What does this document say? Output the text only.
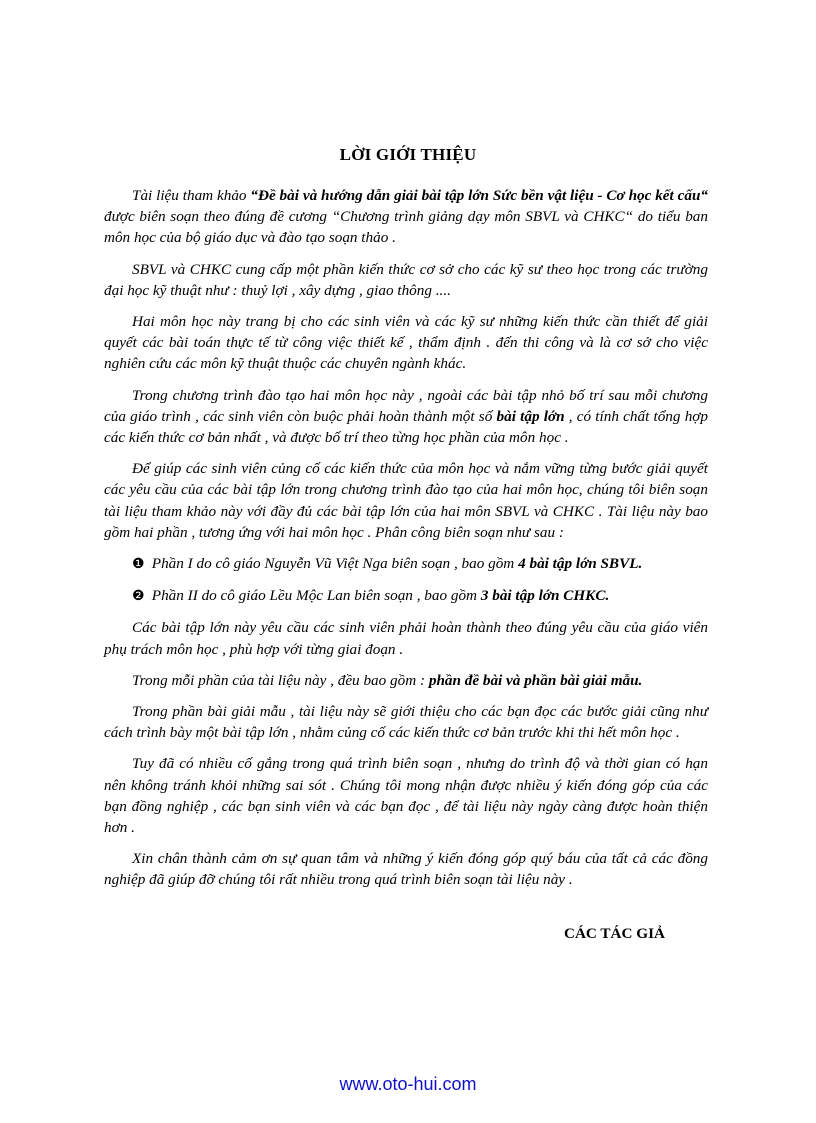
LỜI GIỚI THIỆU

Tài liệu tham khảo “Đề bài và hướng dẫn giải bài tập lớn Sức bền vật liệu - Cơ học kết cấu“ được biên soạn theo đúng đề cương “Chương trình giảng dạy môn SBVL và CHKC“ do tiểu ban môn học của bộ giáo dục và đào tạo soạn thảo .

SBVL và CHKC cung cấp một phần kiến thức cơ sở cho các kỹ sư theo học trong các trường đại học kỹ thuật như : thuỷ lợi , xây dựng , giao thông ....

Hai môn học này trang bị cho các sinh viên và các kỹ sư những kiến thức cần thiết để giải quyết các bài toán thực tế từ công việc thiết kế , thẩm định . đến thi công và là cơ sở cho việc nghiên cứu các môn kỹ thuật thuộc các chuyên ngành khác.

Trong chương trình đào tạo hai môn học này , ngoài các bài tập nhỏ bố trí sau mỗi chương của giáo trình , các sinh viên còn buộc phải hoàn thành một số bài tập lớn , có tính chất tổng hợp các kiến thức cơ bản nhất , và được bố trí theo từng học phần của môn học .

Để giúp các sinh viên củng cố các kiến thức của môn học và nắm vững từng bước giải quyết các yêu cầu của các bài tập lớn trong chương trình đào tạo của hai môn học, chúng tôi biên soạn tài liệu tham khảo này với đầy đủ các bài tập lớn của hai môn SBVL và CHKC . Tài liệu này bao gồm hai phần , tương ứng với hai môn học . Phân công biên soạn như sau :

❶ Phần I do cô giáo Nguyễn Vũ Việt Nga biên soạn , bao gồm 4 bài tập lớn SBVL.

❷ Phần II do cô giáo Lều Mộc Lan biên soạn , bao gồm 3 bài tập lớn CHKC.

Các bài tập lớn này yêu cầu các sinh viên phải hoàn thành theo đúng yêu cầu của giáo viên phụ trách môn học , phù hợp với từng giai đoạn .

Trong mỗi phần của tài liệu này , đều bao gồm : phần đề bài và phần bài giải mẫu.

Trong phần bài giải mẫu , tài liệu này sẽ giới thiệu cho các bạn đọc các bước giải cũng như cách trình bày một bài tập lớn , nhằm củng cố các kiến thức cơ bản trước khi thi hết môn học .

Tuy đã có nhiều cố gắng trong quá trình biên soạn , nhưng do trình độ và thời gian có hạn nên không tránh khỏi những sai sót . Chúng tôi mong nhận được nhiều ý kiến đóng góp của các bạn đồng nghiệp , các bạn sinh viên và các bạn đọc , để tài liệu này ngày càng được hoàn thiện hơn .

Xin chân thành cảm ơn sự quan tâm và những ý kiến đóng góp quý báu của tất cả các đồng nghiệp đã giúp đỡ chúng tôi rất nhiều trong quá trình biên soạn tài liệu này .

CÁC TÁC GIẢ
www.oto-hui.com
